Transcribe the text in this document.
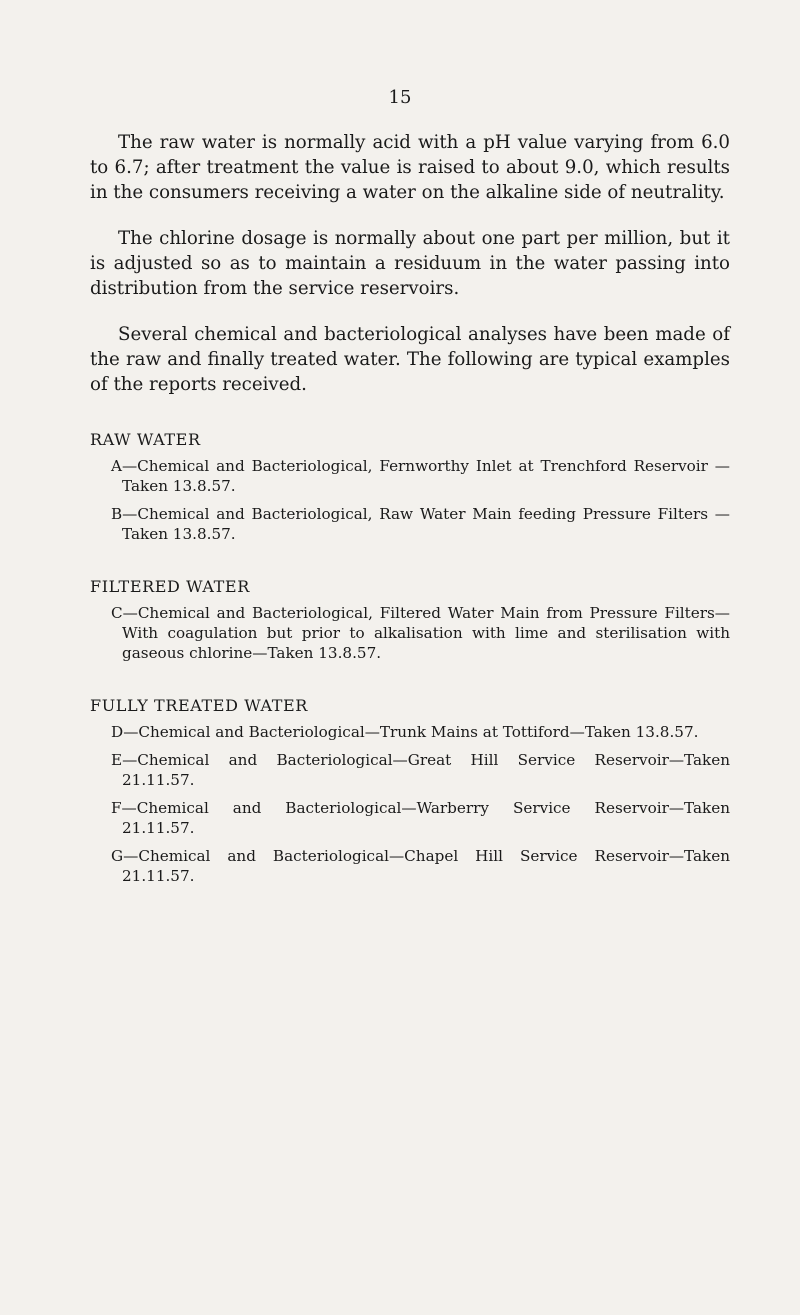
15

The raw water is normally acid with a pH value varying from 6.0 to 6.7; after treatment the value is raised to about 9.0, which results in the consumers receiving a water on the alkaline side of neutrality.

The chlorine dosage is normally about one part per million, but it is adjusted so as to maintain a residuum in the water passing into distribution from the service reservoirs.

Several chemical and bacteriological analyses have been made of the raw and finally treated water. The following are typical examples of the reports received.

RAW WATER

A—Chemical and Bacteriological, Fernworthy Inlet at Trenchford Reservoir —Taken 13.8.57.

B—Chemical and Bacteriological, Raw Water Main feeding Pressure Filters —Taken 13.8.57.

FILTERED WATER

C—Chemical and Bacteriological, Filtered Water Main from Pressure Filters—With coagulation but prior to alkalisation with lime and sterilisation with gaseous chlorine—Taken 13.8.57.

FULLY TREATED WATER

D—Chemical and Bacteriological—Trunk Mains at Tottiford—Taken 13.8.57.

E—Chemical and Bacteriological—Great Hill Service Reservoir—Taken 21.11.57.

F—Chemical and Bacteriological—Warberry Service Reservoir—Taken 21.11.57.

G—Chemical and Bacteriological—Chapel Hill Service Reservoir—Taken 21.11.57.
